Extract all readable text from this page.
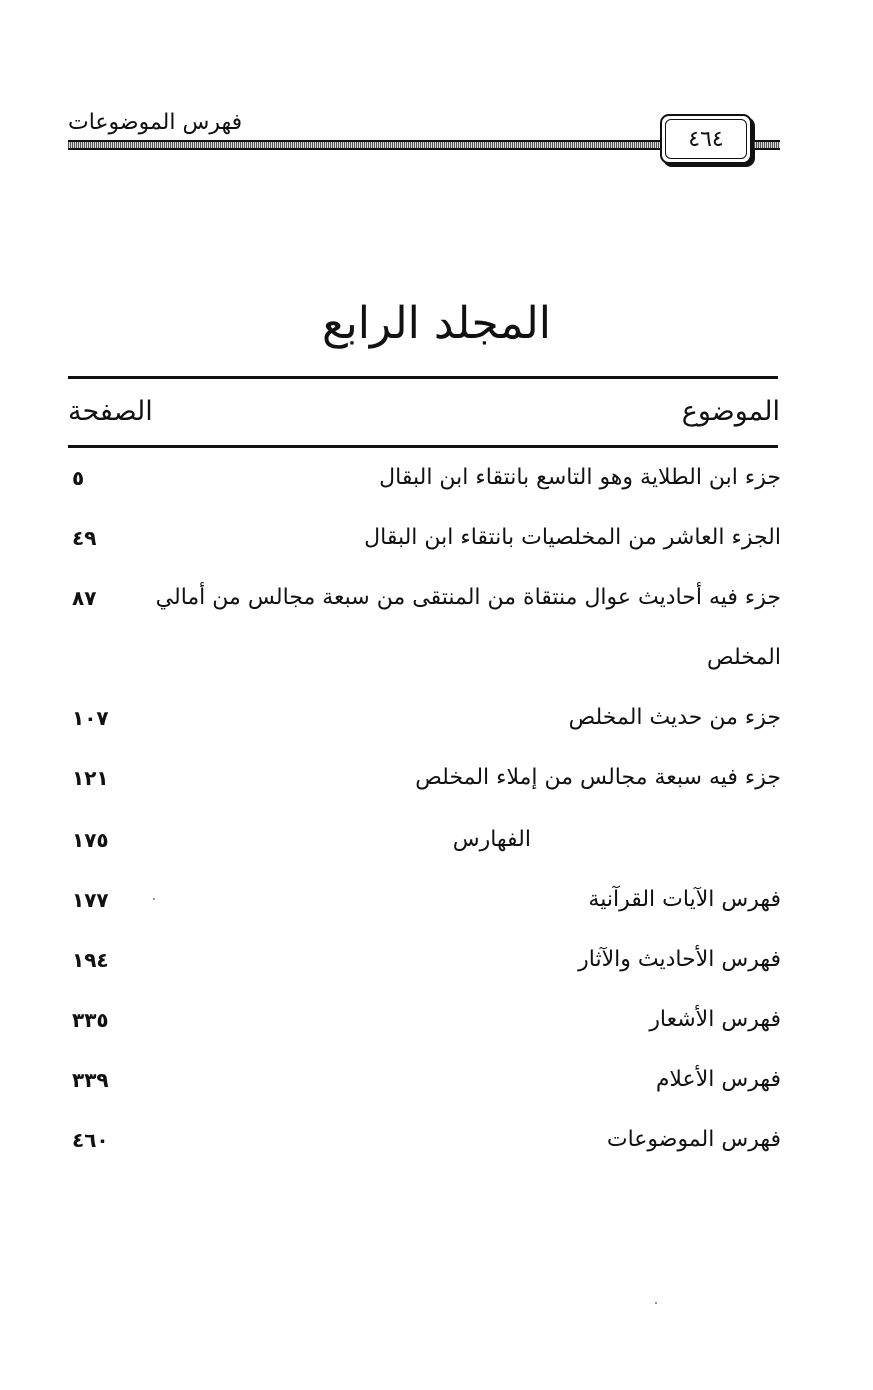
فهرس الموضوعات
٤٦٤
المجلد الرابع
الموضوع
الصفحة
جزء ابن الطلاية وهو التاسع بانتقاء ابن البقال
٥
الجزء العاشر من المخلصيات بانتقاء ابن البقال
٤٩
جزء فيه أحاديث عوال منتقاة من المنتقى من سبعة مجالس من أمالي
٨٧
المخلص
جزء من حديث المخلص
١٠٧
جزء فيه سبعة مجالس من إملاء المخلص
١٢١
الفهارس
١٧٥
فهرس الآيات القرآنية
١٧٧
فهرس الأحاديث والآثار
١٩٤
فهرس الأشعار
٣٣٥
فهرس الأعلام
٣٣٩
فهرس الموضوعات
٤٦٠
